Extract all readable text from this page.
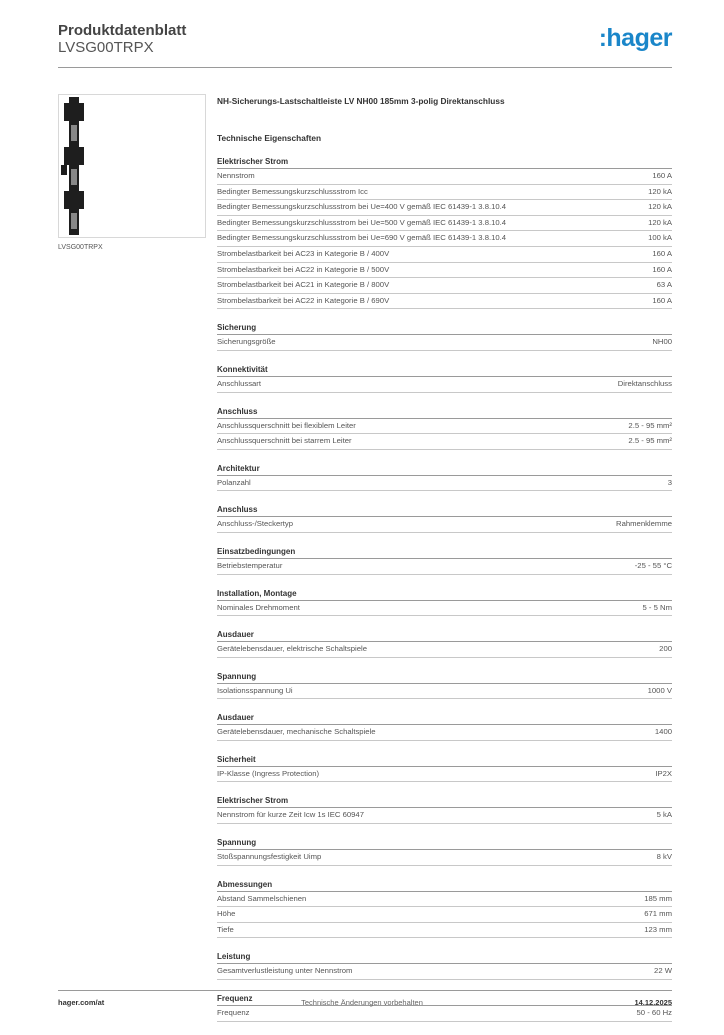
Produktdatenblatt
LVSG00TRPX	:hager
LVSG00TRPX
NH-Sicherungs-Lastschaltleiste LV NH00 185mm 3-polig Direktanschluss
Technische Eigenschaften
Elektrischer Strom
Nennstrom	160 A
Bedingter Bemessungskurzschlussstrom Icc	120 kA
Bedingter Bemessungskurzschlussstrom bei Ue=400 V gemäß IEC 61439-1 3.8.10.4	120 kA
Bedingter Bemessungskurzschlussstrom bei Ue=500 V gemäß IEC 61439-1 3.8.10.4	120 kA
Bedingter Bemessungskurzschlussstrom bei Ue=690 V gemäß IEC 61439-1 3.8.10.4	100 kA
Strombelastbarkeit bei AC23 in Kategorie B / 400V	160 A
Strombelastbarkeit bei AC22 in Kategorie B / 500V	160 A
Strombelastbarkeit bei AC21 in Kategorie B / 800V	63 A
Strombelastbarkeit bei AC22 in Kategorie B / 690V	160 A
Sicherung
Sicherungsgröße	NH00
Konnektivität
Anschlussart	Direktanschluss
Anschluss
Anschlussquerschnitt bei flexiblem Leiter	2.5 - 95 mm²
Anschlussquerschnitt bei starrem Leiter	2.5 - 95 mm²
Architektur
Polanzahl	3
Anschluss
Anschluss-/Steckertyp	Rahmenklemme
Einsatzbedingungen
Betriebstemperatur	-25 - 55 °C
Installation, Montage
Nominales Drehmoment	5 - 5 Nm
Ausdauer
Gerätelebensdauer, elektrische Schaltspiele	200
Spannung
Isolationsspannung Ui	1000 V
Ausdauer
Gerätelebensdauer, mechanische Schaltspiele	1400
Sicherheit
IP-Klasse (Ingress Protection)	IP2X
Elektrischer Strom
Nennstrom für kurze Zeit Icw 1s IEC 60947	5 kA
Spannung
Stoßspannungsfestigkeit Uimp	8 kV
Abmessungen
Abstand Sammelschienen	185 mm
Höhe	671 mm
Tiefe	123 mm
Leistung
Gesamtverlustleistung unter Nennstrom	22 W
Frequenz
Frequenz	50 - 60 Hz
hager.com/at	Technische Änderungen vorbehalten	14.12.2025
